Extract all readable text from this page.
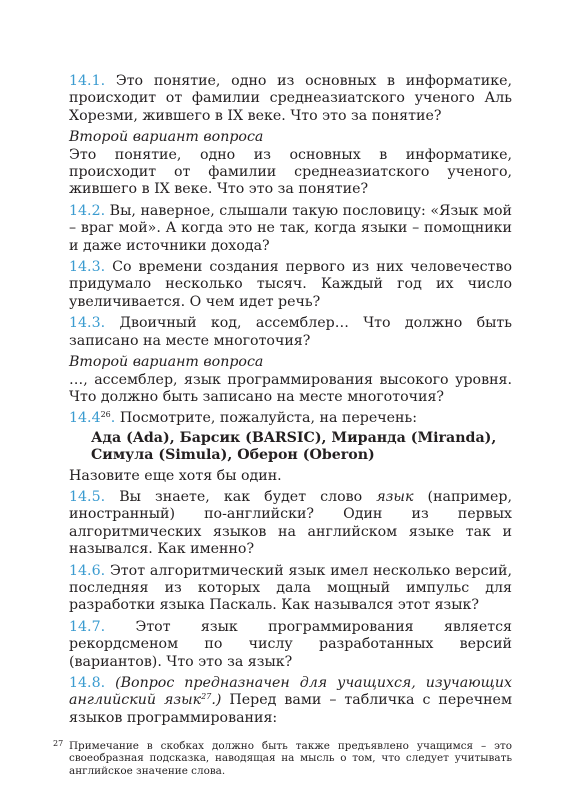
14.1. Это понятие, одно из основных в информатике, происходит от фамилии среднеазиатского ученого Аль Хорезми, жившего в IX веке. Что это за понятие?

Второй вариант вопроса

Это понятие, одно из основных в информатике, происходит от фамилии среднеазиатского ученого, жившего в IX веке. Что это за понятие?

14.2. Вы, наверное, слышали такую пословицу: «Язык мой – враг мой». А когда это не так, когда языки – помощники и даже источники дохода?

14.3. Со времени создания первого из них человечество придумало несколько тысяч. Каждый год их число увеличивается. О чем идет речь?

14.3. Двоичный код, ассемблер… Что должно быть записано на месте многоточия?

Второй вариант вопроса

…, ассемблер, язык программирования высокого уровня. Что должно быть записано на месте многоточия?

14.4$^{26}$. Посмотрите, пожалуйста, на перечень:

Ада (Ada), Барсик (BARSIC), Миранда (Miranda),
Симула (Simula), Оберон (Oberon)

Назовите еще хотя бы один.

14.5. Вы знаете, как будет слово язык (например, иностранный) по-английски? Один из первых алгоритмических языков на английском языке так и назывался. Как именно?

14.6. Этот алгоритмический язык имел несколько версий, последняя из которых дала мощный импульс для разработки языка Паскаль. Как назывался этот язык?

14.7. Этот язык программирования является рекордсменом по числу разработанных версий (вариантов). Что это за язык?

14.8. (Вопрос предназначен для учащихся, изучающих английский язык$^{27}$.) Перед вами – табличка с перечнем языков программирования:

27 Примечание в скобках должно быть также предъявлено учащимся – это своеобразная подсказка, наводящая на мысль о том, что следует учитывать английское значение слова.
